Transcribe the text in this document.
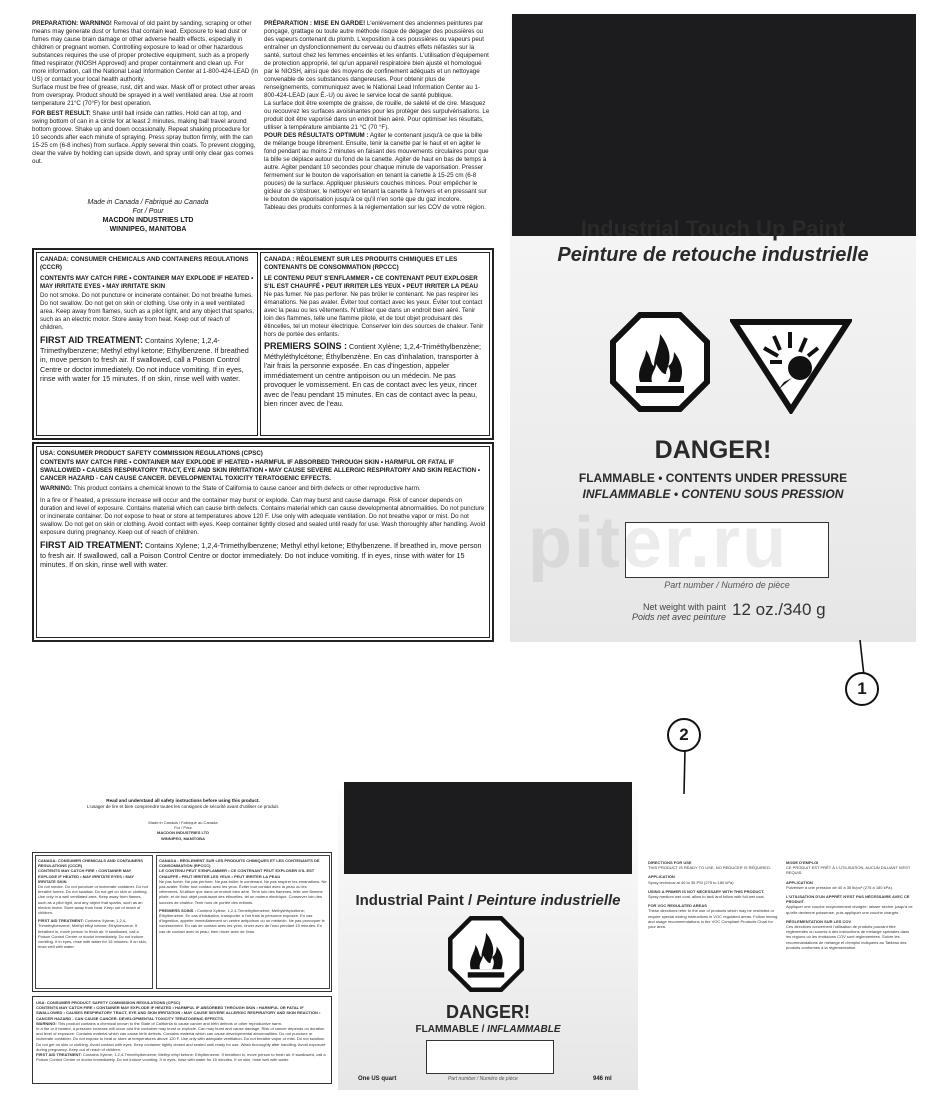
PREPARATION: WARNING! Removal of old paint by sanding, scraping or other means may generate dust or fumes that contain lead. Exposure to lead dust or fumes may cause brain damage or other adverse health effects, especially in children or pregnant women. Controlling exposure to lead or other hazardous substances requires the use of proper protective equipment, such as a properly fitted respirator (NIOSH Approved) and proper containment and clean up. For more information, call the National Lead Information Center at 1-800-424-LEAD (in US) or contact your local health authority.

Surface must be free of grease, rust, dirt and wax. Mask off or protect other areas from overspray. Product should be sprayed in a well ventilated area. Use at room temperature 21°C (70°F) for best operation.

FOR BEST RESULT: Shake until ball inside can rattles. Hold can at top, and swing bottom of can in a circle for at least 2 minutes, making ball travel around bottom groove. Shake up and down occasionally. Repeat shaking procedure for 10 seconds after each minute of spraying. Press spray button firmly, with the can 15-25 cm (6-8 inches) from surface. Apply several thin coats. To prevent clogging, clear the valve by holding can upside down, and spray until only clear gas comes out.

Made in Canada / Fabriqué au Canada
For / Pour
MACDON INDUSTRIES LTD
WINNIPEG, MANITOBA

PRÉPARATION : MISE EN GARDE! L'enlèvement des anciennes peintures par ponçage, grattage ou toute autre méthode risque de dégager des poussières ou des vapeurs contenant du plomb. L'exposition à ces poussières ou vapeurs peut entraîner un dysfonctionnement du cerveau ou d'autres effets néfastes sur la santé, surtout chez les femmes enceintes et les enfants. L'utilisation d'équipement de protection approprié, tel qu'un appareil respiratoire bien ajusté et homologué par le NIOSH, ainsi que des moyens de confinement adéquats et un nettoyage convenable de ces substances dangereuses. Pour obtenir plus de renseignements, communiquez avec le National Lead Information Center au 1-800-424-LEAD (aux É.-U) ou avec le service local de santé publique.

La surface doit être exempte de graisse, de rouille, de saleté et de cire. Masquez ou recouvrez les surfaces avoisinantes pour les protéger des surpulvérisations. Le produit doit être vaporisé dans un endroit bien aéré. Pour optimiser les résultats, utiliser à température ambiante 21 °C (70 °F).

POUR DES RÉSULTATS OPTIMUM : Agiter le contenant jusqu'à ce que la bille de mélange bouge librement. Ensuite, tenir la canette par le haut et en agiter le fond pendant au moins 2 minutes en faisant des mouvements circulaires pour que la bille se déplace autour du fond de la canette. Agiter de haut en bas de temps à autre. Agiter pendant 10 secondes pour chaque minute de vaporisation. Presser fermement sur le bouton de vaporisation en tenant la canette à 15-25 cm (6-8 pouces) de la surface. Appliquer plusieurs couches minces. Pour empêcher le gicleur de s'obstruer, le nettoyer en tenant la canette à l'envers et en pressant sur le bouton de vaporisation jusqu'à ce qu'il n'en sorte que du gaz incolore.

Tableau des produits conformes à la réglementation sur les COV de votre région.

CANADA: CONSUMER CHEMICALS AND CONTAINERS REGULATIONS (CCCR)

CONTENTS MAY CATCH FIRE • CONTAINER MAY EXPLODE IF HEATED • MAY IRRITATE EYES • MAY IRRITATE SKIN

Do not smoke. Do not puncture or incinerate container. Do not breathe fumes. Do not swallow. Do not get on skin or clothing. Use only in a well ventilated area. Keep away from flames, such as a pilot light, and any object that sparks, such as an electric motor. Store away from heat. Keep out of reach of children.

FIRST AID TREATMENT: Contains Xylene; 1,2,4-Trimethylbenzene; Methyl ethyl ketone; Ethylbenzene. If breathed in, move person to fresh air. If swallowed, call a Poison Control Centre or doctor immediately. Do not induce vomiting. If in eyes, rinse with water for 15 minutes. If on skin, rinse well with water.

CANADA : RÈGLEMENT SUR LES PRODUITS CHIMIQUES ET LES CONTENANTS DE CONSOMMATION (RPCCC)

LE CONTENU PEUT S'ENFLAMMER • CE CONTENANT PEUT EXPLOSER S'IL EST CHAUFFÉ • PEUT IRRITER LES YEUX • PEUT IRRITER LA PEAU

Ne pas fumer. Ne pas perforer. Ne pas brûler le contenant. Ne pas respirer les émanations. Ne pas avaler. Éviter tout contact avec les yeux. Éviter tout contact avec la peau ou les vêtements. N'utiliser que dans un endroit bien aéré. Tenir loin des flammes, telle une flamme pilote, et de tout objet produisant des étincelles, tel un moteur électrique. Conserver loin des sources de chaleur. Tenir hors de portée des enfants.

PREMIERS SOINS : Contient Xylène; 1,2,4-Triméthylbenzène; Méthyléthylcétone; Éthylbenzène. En cas d'inhalation, transporter à l'air frais la personne exposée. En cas d'ingestion, appeler immédiatement un centre antipoison ou un médecin. Ne pas provoquer le vomissement. En cas de contact avec les yeux, rincer avec de l'eau pendant 15 minutes. En cas de contact avec la peau, bien rincer avec de l'eau.

USA: CONSUMER PRODUCT SAFETY COMMISSION REGULATIONS (CPSC)

CONTENTS MAY CATCH FIRE • CONTAINER MAY EXPLODE IF HEATED • HARMFUL IF ABSORBED THROUGH SKIN • HARMFUL OR FATAL IF SWALLOWED • CAUSES RESPIRATORY TRACT, EYE AND SKIN IRRITATION • MAY CAUSE SEVERE ALLERGIC RESPIRATORY AND SKIN REACTION • CANCER HAZARD - CAN CAUSE CANCER. DEVELOPMENTAL TOXICITY TERATOGENIC EFFECTS.

WARNING: This product contains a chemical known to the State of California to cause cancer and birth defects or other reproductive harm.

In a fire or if heated, a pressure increase will occur and the container may burst or explode. Can may burst and cause damage. Risk of cancer depends on duration and level of exposure. Contains material which can cause birth defects. Contains material which can cause developmental abnormalities. Do not puncture or incinerate container. Do not expose to heat or store at temperatures above 120 F. Use only with adequate ventilation. Do not breathe vapor or mist. Do not swallow. Do not get on skin or clothing. Avoid contact with eyes. Keep container tightly closed and sealed until ready for use. Wash thoroughly after handling. Avoid exposure during pregnancy. Keep out of reach of children.

FIRST AID TREATMENT: Contains Xylene; 1,2,4-Trimethylbenzene; Methyl ethyl ketone; Ethylbenzene. If breathed in, move person to fresh air. If swallowed, call a Poison Control Centre or doctor immediately. Do not induce vomiting. If in eyes, rinse with water for 15 minutes. If on skin, rinse well with water.

Industrial Touch Up Paint
Peinture de retouche industrielle
DANGER!
FLAMMABLE • CONTENTS UNDER PRESSURE
INFLAMMABLE • CONTENU SOUS PRESSION
Part number / Numéro de pièce
Net weight with paint
Poids net avec peinture 12 oz./340 g
piter.ru
1
2
Read and understand all safety instructions before using this product.
L'usager de lire et bien comprendre toutes les consignes de sécurité avant d'utiliser ce produit.
Made in Canada / Fabriqué au Canada
For / Pour
MACDON INDUSTRIES LTD
WINNIPEG, MANITOBA

CANADA: CONSUMER CHEMICALS AND CONTAINERS REGULATIONS (CCCR)

CONTENTS MAY CATCH FIRE • CONTAINER MAY EXPLODE IF HEATED • MAY IRRITATE EYES • MAY IRRITATE SKIN

Do not smoke. Do not puncture or incinerate container. Do not breathe fumes. Do not swallow. Do not get on skin or clothing. Use only in a well ventilated area. Keep away from flames, such as a pilot light, and any object that sparks, such as an electric motor. Store away from heat. Keep out of reach of children.

FIRST AID TREATMENT: Contains Xylene; 1,2,4-Trimethylbenzene; Methyl ethyl ketone; Ethylbenzene. If breathed in, move person to fresh air. If swallowed, call a Poison Control Centre or doctor immediately. Do not induce vomiting. If in eyes, rinse with water for 15 minutes. If on skin, rinse well with water.

CANADA : RÈGLEMENT SUR LES PRODUITS CHIMIQUES ET LES CONTENANTS DE CONSOMMATION (RPCCC)

LE CONTENU PEUT S'ENFLAMMER • CE CONTENANT PEUT EXPLOSER S'IL EST CHAUFFÉ • PEUT IRRITER LES YEUX • PEUT IRRITER LA PEAU

Ne pas fumer. Ne pas perforer. Ne pas brûler le contenant. Ne pas respirer les émanations. Ne pas avaler. Éviter tout contact avec les yeux. Éviter tout contact avec la peau ou les vêtements. N'utiliser que dans un endroit bien aéré. Tenir loin des flammes, telle une flamme pilote, et de tout objet produisant des étincelles, tel un moteur électrique. Conserver loin des sources de chaleur. Tenir hors de portée des enfants.

PREMIERS SOINS : Contient Xylène; 1,2,4-Triméthylbenzène; Méthyléthylcétone; Éthylbenzène. En cas d'inhalation, transporter à l'air frais la personne exposée. En cas d'ingestion, appeler immédiatement un centre antipoison ou un médecin. Ne pas provoquer le vomissement. En cas de contact avec les yeux, rincer avec de l'eau pendant 15 minutes. En cas de contact avec la peau, bien rincer avec de l'eau.

USA: CONSUMER PRODUCT SAFETY COMMISSION REGULATIONS (CPSC)

CONTENTS MAY CATCH FIRE • CONTAINER MAY EXPLODE IF HEATED • HARMFUL IF ABSORBED THROUGH SKIN • HARMFUL OR FATAL IF SWALLOWED • CAUSES RESPIRATORY TRACT, EYE AND SKIN IRRITATION • MAY CAUSE SEVERE ALLERGIC RESPIRATORY AND SKIN REACTION • CANCER HAZARD - CAN CAUSE CANCER. DEVELOPMENTAL TOXICITY TERATOGENIC EFFECTS.

WARNING: This product contains a chemical known to the State of California to cause cancer and birth defects or other reproductive harm.

In a fire or if heated, a pressure increase will occur and the container may burst or explode. Can may burst and cause damage. Risk of cancer depends on duration and level of exposure. Contains material which can cause birth defects. Contains material which can cause developmental abnormalities. Do not puncture or incinerate container. Do not expose to heat or store at temperatures above 120 F. Use only with adequate ventilation. Do not breathe vapor or mist. Do not swallow. Do not get on skin or clothing. Avoid contact with eyes. Keep container tightly closed and sealed until ready for use. Wash thoroughly after handling. Avoid exposure during pregnancy. Keep out of reach of children.

FIRST AID TREATMENT: Contains Xylene; 1,2,4-Trimethylbenzene; Methyl ethyl ketone; Ethylbenzene. If breathed in, move person to fresh air. If swallowed, call a Poison Control Centre or doctor immediately. Do not induce vomiting. If in eyes, rinse with water for 15 minutes. If on skin, rinse well with water.

Industrial Paint / Peinture industrielle
DANGER!
FLAMMABLE / INFLAMMABLE
One US quart	Part number / Numéro de pièce	946 ml

DIRECTIONS FOR USE

THIS PRODUCT IS READY TO USE, NO REDUCER IS REQUIRED.

APPLICATION

Spray technical at 40 to 35 PSI (275 to 180 kPa)

USING A PRIMER IS NOT NECESSARY WITH THIS PRODUCT.

Spray medium wet coat, allow to tack and follow with full wet coat.

FOR VOC REGULATED AREAS

These directions refer to the use of products which may be restricted or require special mixing instructions in VOC regulated areas. Follow mixing and usage recommendations in the VOC Compliant Products Chart for your area.

MODE D'EMPLOI

CE PRODUIT EST PRÊT À L'UTILISATION, AUCUN DILUANT N'EST REQUIS.

APPLICATION

Pulvériser à une pression de 40 à 35 lb/po² (275 à 180 kPa).

L'UTILISATION D'UN APPRÊT N'EST PAS NÉCESSAIRE AVEC CE PRODUIT.

Appliquer une couche moyennement chargée, laisser sécher jusqu'à ce qu'elle devienne poisseuse, puis appliquer une couche chargée.

RÉGLEMENTATION SUR LES COV

Ces directives concernent l'utilisation de produits pouvant être réglementés ou soumis à des instructions de mélange spéciales dans les régions où les émissions COV sont réglementées. Suivre les recommandations de mélange et d'emploi indiquées au Tableau des produits conformes à la réglementation.
